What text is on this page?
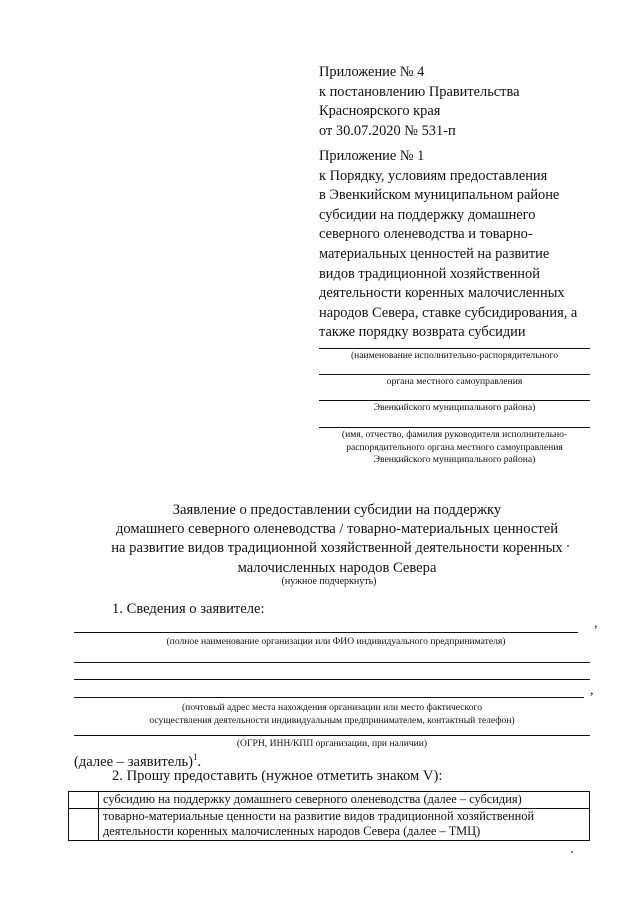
Приложение № 4
к постановлению Правительства
Красноярского края
от 30.07.2020 № 531-п
Приложение № 1
к Порядку, условиям предоставления
в Эвенкийском муниципальном районе
субсидии на поддержку домашнего
северного оленеводства и товарно-
материальных ценностей на развитие
видов традиционной хозяйственной
деятельности коренных малочисленных
народов Севера, ставке субсидирования, а
также порядку возврата субсидии
(наименование исполнительно-распорядительного
органа местного самоуправления
Эвенкийского муниципального района)
(имя, отчество, фамилия руководителя исполнительно-
распорядительного органа местного самоуправления
Эвенкийского муниципального района)
Заявление о предоставлении субсидии на поддержку
домашнего северного оленеводства / товарно-материальных ценностей
на развитие видов традиционной хозяйственной деятельности коренных
малочисленных народов Севера
(нужное подчеркнуть)
1. Сведения о заявителе:
,
(полное наименование организации или ФИО индивидуального предпринимателя)
,
(почтовый адрес места нахождения организации или место фактического
осуществления деятельности индивидуальным предпринимателем, контактный телефон)
(ОГРН, ИНН/КПП организации, при наличии)
(далее – заявитель)$^1$.
2. Прошу предоставить (нужное отметить знаком V):
	субсидию на поддержку домашнего северного оленеводства (далее – субсидия)

	товарно-материальные ценности на развитие видов традиционной хозяйственной
деятельности коренных малочисленных народов Севера (далее – ТМЦ)
